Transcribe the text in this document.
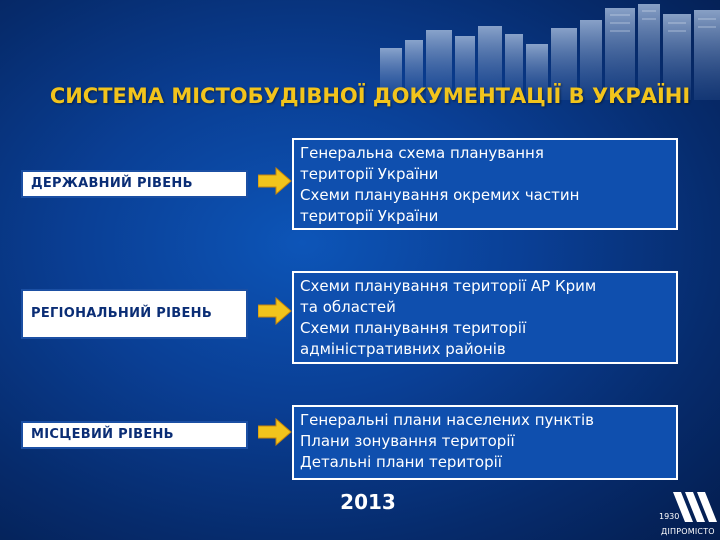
СИСТЕМА МІСТОБУДІВНОЇ ДОКУМЕНТАЦІЇ В УКРАЇНІ
ДЕРЖАВНИЙ РІВЕНЬ
Генеральна схема планування
території України
Схеми планування окремих частин
території України
РЕГІОНАЛЬНИЙ РІВЕНЬ
Схеми планування території АР Крим
та областей
Схеми планування території
адміністративних районів
МІСЦЕВИЙ РІВЕНЬ
Генеральні плани населених пунктів
Плани зонування території
Детальні плани території

2013

1930
ДІПРОМІСТО
